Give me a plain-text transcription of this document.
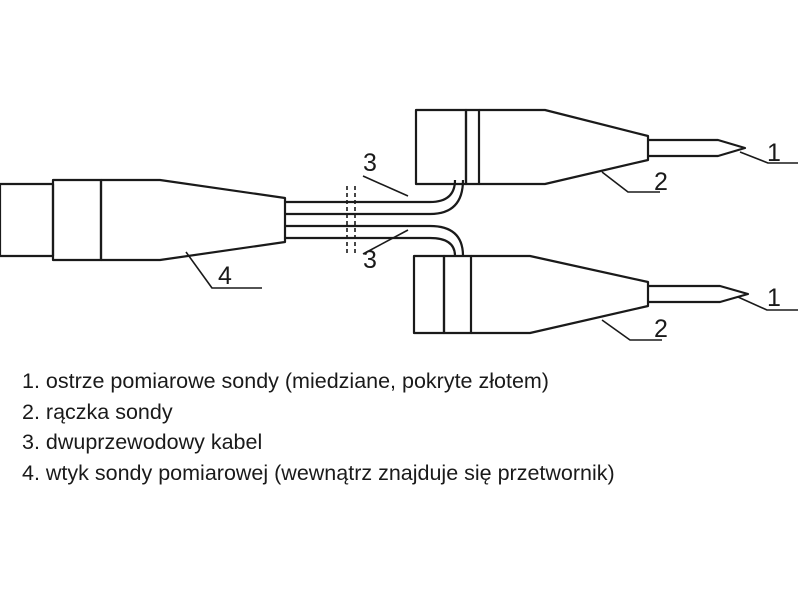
1
2
3
3
4
1
2
1. ostrze pomiarowe sondy (miedziane, pokryte złotem)
2. rączka sondy
3. dwuprzewodowy kabel
4. wtyk sondy pomiarowej (wewnątrz znajduje się przetwornik)
